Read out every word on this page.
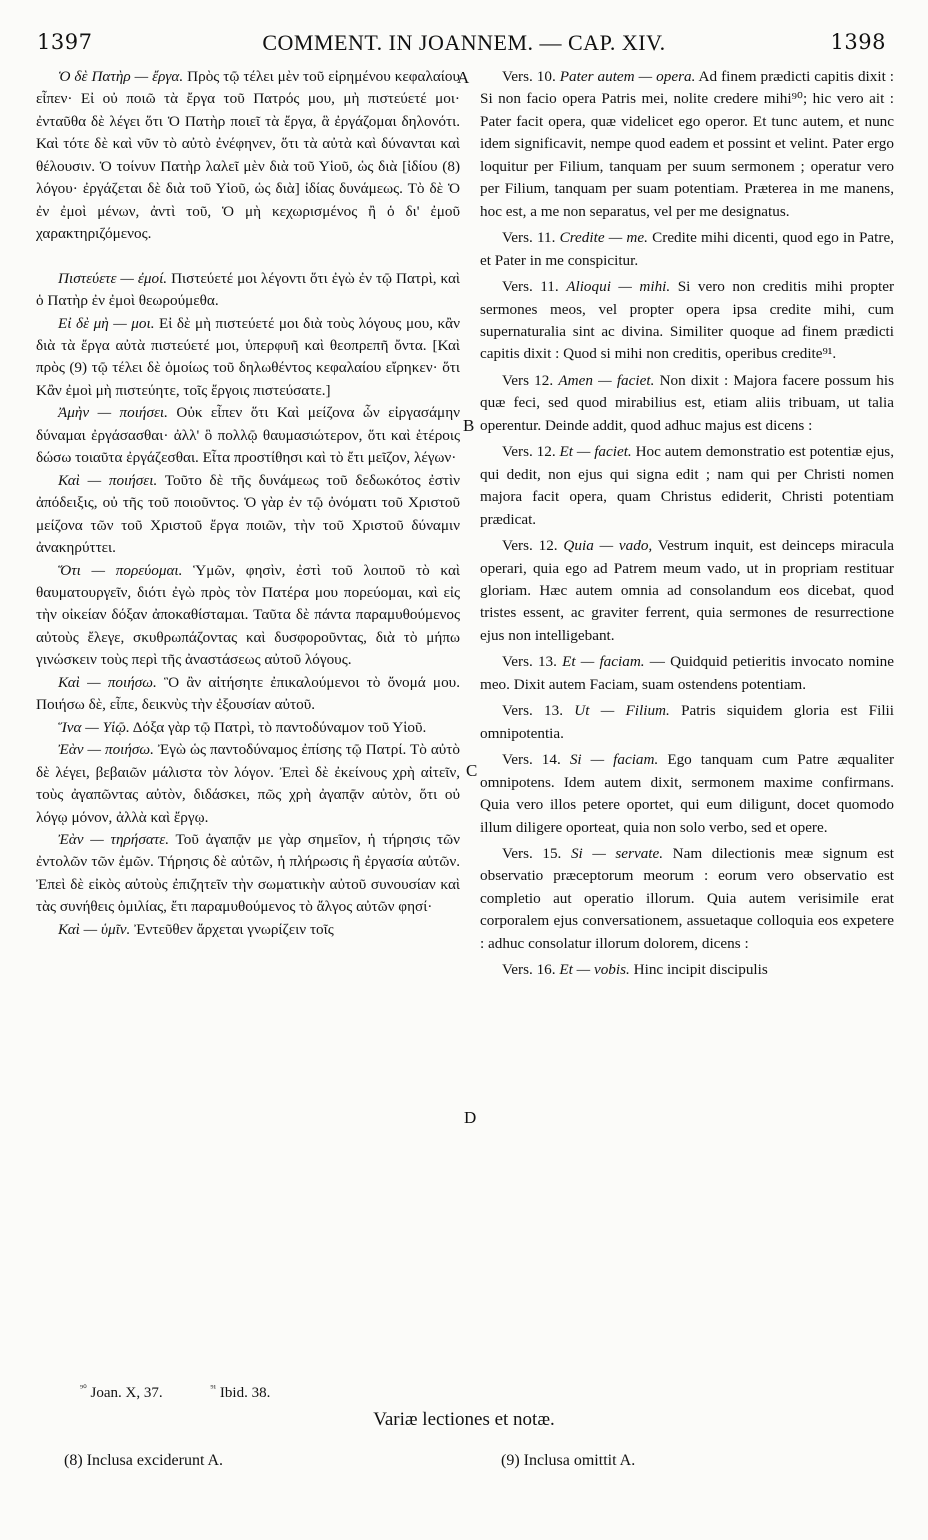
1397	COMMENT. IN JOANNEM. — CAP. XIV.	1398
A
B
C
D

Ὁ δὲ Πατὴρ — ἔργα. Πρὸς τῷ τέλει μὲν τοῦ εἰρημένου κεφαλαίου εἶπεν· Εἰ οὐ ποιῶ τὰ ἔργα τοῦ Πατρός μου, μὴ πιστεύετέ μοι· ἐνταῦθα δὲ λέγει ὅτι Ὁ Πατὴρ ποιεῖ τὰ ἔργα, ἃ ἐργάζομαι δηλονότι. Καὶ τότε δὲ καὶ νῦν τὸ αὐτὸ ἐνέφηνεν, ὅτι τὰ αὐτὰ καὶ δύνανται καὶ θέλουσιν. Ὁ τοίνυν Πατὴρ λαλεῖ μὲν διὰ τοῦ Υἱοῦ, ὡς διὰ [ἰδίου (8) λόγου· ἐργάζεται δὲ διὰ τοῦ Υἱοῦ, ὡς διὰ] ἰδίας δυνάμεως. Τὸ δὲ Ὁ ἐν ἐμοὶ μένων, ἀντὶ τοῦ, Ὁ μὴ κεχωρισμένος ἢ ὁ δι' ἐμοῦ χαρακτηριζόμενος.

Πιστεύετε — ἐμοί. Πιστεύετέ μοι λέγοντι ὅτι ἐγὼ ἐν τῷ Πατρὶ, καὶ ὁ Πατὴρ ἐν ἐμοὶ θεωρούμεθα.

Εἰ δὲ μὴ — μοι. Εἰ δὲ μὴ πιστεύετέ μοι διὰ τοὺς λόγους μου, κἂν διὰ τὰ ἔργα αὐτὰ πιστεύετέ μοι, ὑπερφυῆ καὶ θεοπρεπῆ ὄντα. [Καὶ πρὸς (9) τῷ τέλει δὲ ὁμοίως τοῦ δηλωθέντος κεφαλαίου εἴρηκεν· ὅτι Κἂν ἐμοὶ μὴ πιστεύητε, τοῖς ἔργοις πιστεύσατε.]

Ἀμὴν — ποιήσει. Οὐκ εἶπεν ὅτι Καὶ μείζονα ὧν εἰργασάμην δύναμαι ἐργάσασθαι· ἀλλ' ὃ πολλῷ θαυμασιώτερον, ὅτι καὶ ἑτέροις δώσω τοιαῦτα ἐργάζεσθαι. Εἶτα προστίθησι καὶ τὸ ἔτι μεῖζον, λέγων·

Καὶ — ποιήσει. Τοῦτο δὲ τῆς δυνάμεως τοῦ δεδωκότος ἐστὶν ἀπόδειξις, οὐ τῆς τοῦ ποιοῦντος. Ὁ γὰρ ἐν τῷ ὀνόματι τοῦ Χριστοῦ μείζονα τῶν τοῦ Χριστοῦ ἔργα ποιῶν, τὴν τοῦ Χριστοῦ δύναμιν ἀνακηρύττει.

Ὅτι — πορεύομαι. Ὑμῶν, φησὶν, ἐστὶ τοῦ λοιποῦ τὸ καὶ θαυματουργεῖν, διότι ἐγὼ πρὸς τὸν Πατέρα μου πορεύομαι, καὶ εἰς τὴν οἰκείαν δόξαν ἀποκαθίσταμαι. Ταῦτα δὲ πάντα παραμυθούμενος αὐτοὺς ἔλεγε, σκυθρωπάζοντας καὶ δυσφοροῦντας, διὰ τὸ μήπω γινώσκειν τοὺς περὶ τῆς ἀναστάσεως αὐτοῦ λόγους.

Καὶ — ποιήσω. Ὃ ἂν αἰτήσητε ἐπικαλούμενοι τὸ ὄνομά μου. Ποιήσω δὲ, εἶπε, δεικνὺς τὴν ἐξουσίαν αὐτοῦ.

Ἵνα — Υἱῷ. Δόξα γὰρ τῷ Πατρὶ, τὸ παντοδύναμον τοῦ Υἱοῦ.

Ἐὰν — ποιήσω. Ἐγὼ ὡς παντοδύναμος ἐπίσης τῷ Πατρί. Τὸ αὐτὸ δὲ λέγει, βεβαιῶν μάλιστα τὸν λόγον. Ἐπεὶ δὲ ἐκείνους χρὴ αἰτεῖν, τοὺς ἀγαπῶντας αὐτὸν, διδάσκει, πῶς χρὴ ἀγαπᾷν αὐτὸν, ὅτι οὐ λόγῳ μόνον, ἀλλὰ καὶ ἔργῳ.

Ἐὰν — τηρήσατε. Τοῦ ἀγαπᾷν με γὰρ σημεῖον, ἡ τήρησις τῶν ἐντολῶν τῶν ἐμῶν. Τήρησις δὲ αὐτῶν, ἡ πλήρωσις ἢ ἐργασία αὐτῶν. Ἐπεὶ δὲ εἰκὸς αὐτοὺς ἐπιζητεῖν τὴν σωματικὴν αὐτοῦ συνουσίαν καὶ τὰς συνήθεις ὁμιλίας, ἔτι παραμυθούμενος τὸ ἄλγος αὐτῶν φησί·

Καὶ — ὑμῖν. Ἐντεῦθεν ἄρχεται γνωρίζειν τοῖς

Vers. 10. Pater autem — opera. Ad finem prædicti capitis dixit : Si non facio opera Patris mei, nolite credere mihi⁹⁰; hic vero ait : Pater facit opera, quæ videlicet ego operor. Et tunc autem, et nunc idem significavit, nempe quod eadem et possint et velint. Pater ergo loquitur per Filium, tanquam per suum sermonem ; operatur vero per Filium, tanquam per suam potentiam. Præterea in me manens, hoc est, a me non separatus, vel per me designatus.

Vers. 11. Credite — me. Credite mihi dicenti, quod ego in Patre, et Pater in me conspicitur.

Vers. 11. Alioqui — mihi. Si vero non creditis mihi propter sermones meos, vel propter opera ipsa credite mihi, cum supernaturalia sint ac divina. Similiter quoque ad finem prædicti capitis dixit : Quod si mihi non creditis, operibus credite⁹¹.

Vers 12. Amen — faciet. Non dixit : Majora facere possum his quæ feci, sed quod mirabilius est, etiam aliis tribuam, ut talia operentur. Deinde addit, quod adhuc majus est dicens :

Vers. 12. Et — faciet. Hoc autem demonstratio est potentiæ ejus, qui dedit, non ejus qui signa edit ; nam qui per Christi nomen majora facit opera, quam Christus ediderit, Christi potentiam prædicat.

Vers. 12. Quia — vado, Vestrum inquit, est deinceps miracula operari, quia ego ad Patrem meum vado, ut in propriam restituar gloriam. Hæc autem omnia ad consolandum eos dicebat, quod tristes essent, ac graviter ferrent, quia sermones de resurrectione ejus non intelligebant.

Vers. 13. Et — faciam. — Quidquid petieritis invocato nomine meo. Dixit autem Faciam, suam ostendens potentiam.

Vers. 13. Ut — Filium. Patris siquidem gloria est Filii omnipotentia.

Vers. 14. Si — faciam. Ego tanquam cum Patre æqualiter omnipotens. Idem autem dixit, sermonem maxime confirmans. Quia vero illos petere oportet, qui eum diligunt, docet quomodo illum diligere oporteat, quia non solo verbo, sed et opere.

Vers. 15. Si — servate. Nam dilectionis meæ signum est observatio præceptorum meorum : eorum vero observatio est completio aut operatio illorum. Quia autem verisimile erat corporalem ejus conversationem, assuetaque colloquia eos expetere : adhuc consolatur illorum dolorem, dicens :

Vers. 16. Et — vobis. Hinc incipit discipulis

$^{^{90}}$ Joan. X, 37.	$^{^{91}}$ Ibid. 38.
Variæ lectiones et notæ.
(8) Inclusa exciderunt A.	(9) Inclusa omittit A.
